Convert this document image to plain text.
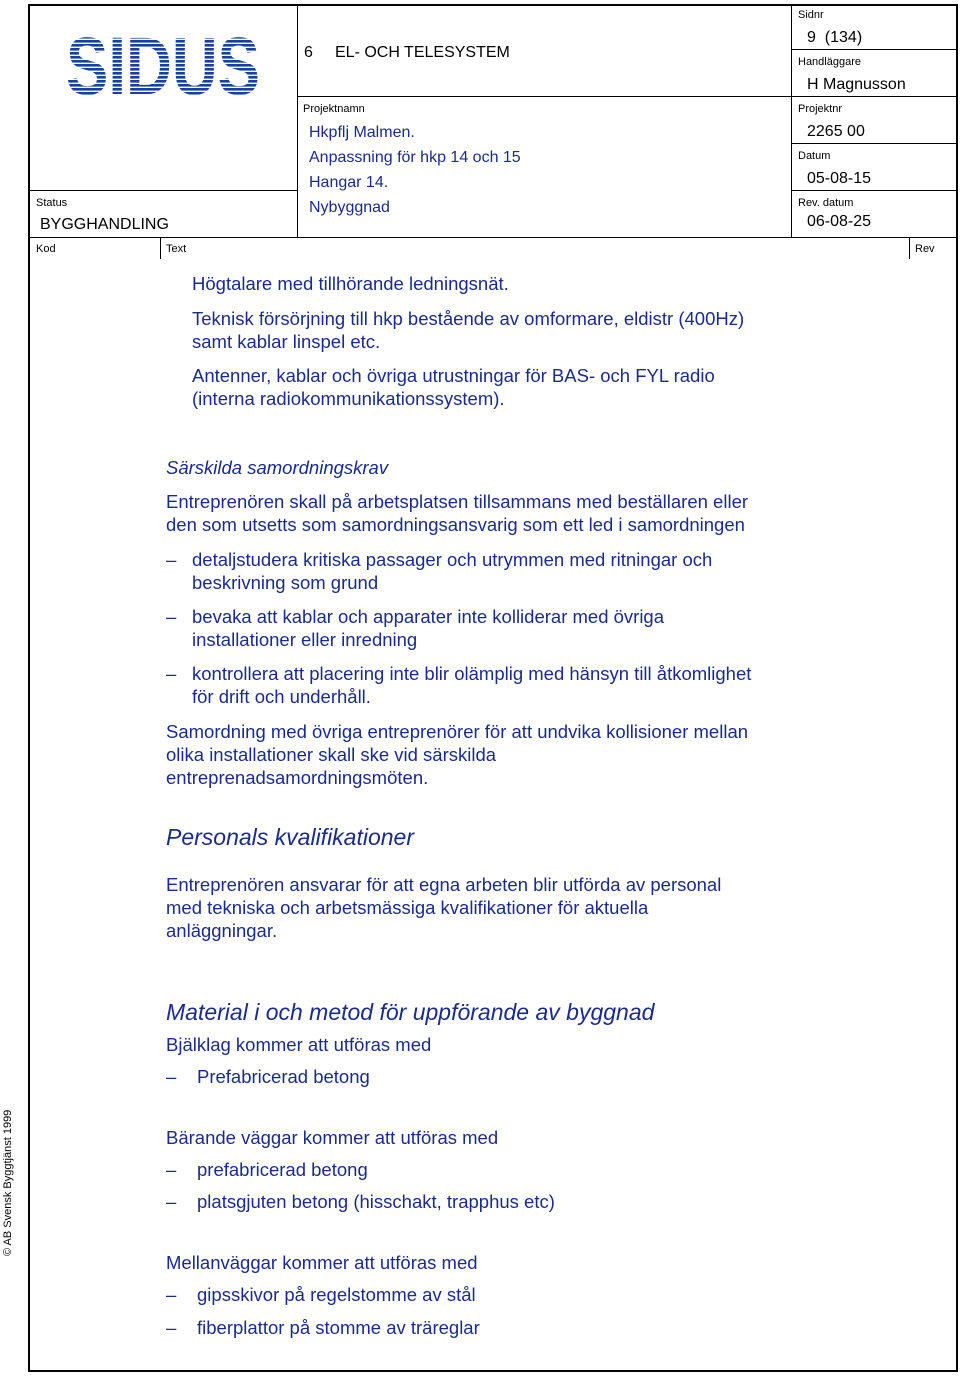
SIDUS	6 EL- OCH TELESYSTEM
Sidnr
9  (134)
Handläggare
H Magnusson
Projektnamn
Hkpflj Malmen.
Anpassning för hkp 14 och 15
Hangar 14.
Nybyggnad
Projektnr
2265 00
Datum
05-08-15
Rev. datum
06-08-25
Status
BYGGHANDLING
Kod	Text	Rev
Högtalare med tillhörande ledningsnät.
Teknisk försörjning till hkp bestående av omformare, eldistr (400Hz)
samt kablar linspel etc.
Antenner, kablar och övriga utrustningar för BAS- och FYL radio
(interna radiokommunikationssystem).
Särskilda samordningskrav
Entreprenören skall på arbetsplatsen tillsammans med beställaren eller
den som utsetts som samordningsansvarig som ett led i samordningen
– detaljstudera kritiska passager och utrymmen med ritningar och
beskrivning som grund
– bevaka att kablar och apparater inte kolliderar med övriga
installationer eller inredning
– kontrollera att placering inte blir olämplig med hänsyn till åtkomlighet
för drift och underhåll.
Samordning med övriga entreprenörer för att undvika kollisioner mellan
olika installationer skall ske vid särskilda
entreprenadsamordningsmöten.
Personals kvalifikationer
Entreprenören ansvarar för att egna arbeten blir utförda av personal
med tekniska och arbetsmässiga kvalifikationer för aktuella
anläggningar.
Material i och metod för uppförande av byggnad
Bjälklag kommer att utföras med
– Prefabricerad betong
Bärande väggar kommer att utföras med
– prefabricerad betong
– platsgjuten betong (hisschakt, trapphus etc)
Mellanväggar kommer att utföras med
– gipsskivor på regelstomme av stål
– fiberplattor på stomme av träreglar
© AB Svensk Byggtjänst 1999
